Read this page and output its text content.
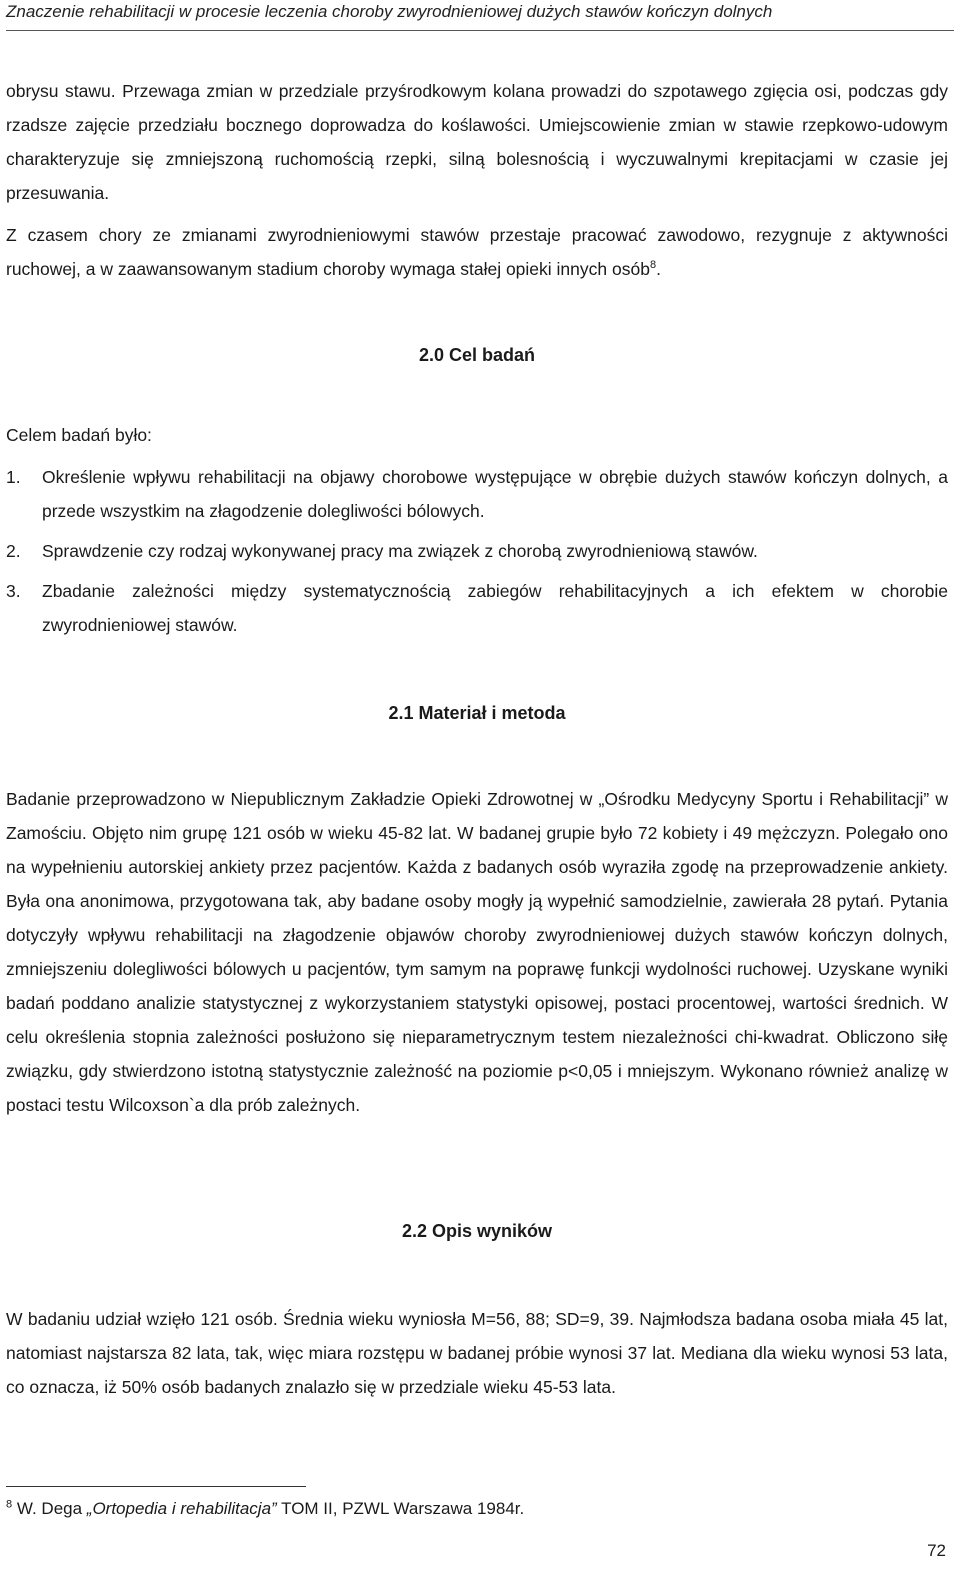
Znaczenie rehabilitacji w procesie leczenia choroby zwyrodnieniowej dużych stawów kończyn dolnych

obrysu stawu. Przewaga zmian w przedziale przyśrodkowym kolana prowadzi do szpotawego zgięcia osi, podczas gdy rzadsze zajęcie przedziału bocznego doprowadza do koślawości. Umiejscowienie zmian w stawie rzepkowo-udowym charakteryzuje się zmniejszoną ruchomością rzepki, silną bolesnością i wyczuwalnymi krepitacjami w czasie jej przesuwania.

Z czasem chory ze zmianami zwyrodnieniowymi stawów przestaje pracować zawodowo, rezygnuje z aktywności ruchowej, a w zaawansowanym stadium choroby wymaga stałej opieki innych osób$^8$.

2.0 Cel badań

Celem badań było:

1. Określenie wpływu rehabilitacji na objawy chorobowe występujące w obrębie dużych stawów kończyn dolnych, a przede wszystkim na złagodzenie dolegliwości bólowych.
2. Sprawdzenie czy rodzaj wykonywanej pracy ma związek z chorobą zwyrodnieniową stawów.
3. Zbadanie zależności między systematycznością zabiegów rehabilitacyjnych a ich efektem w chorobie zwyrodnieniowej stawów.
2.1 Materiał i metoda

Badanie przeprowadzono w Niepublicznym Zakładzie Opieki Zdrowotnej w „Ośrodku Medycyny Sportu i Rehabilitacji” w Zamościu. Objęto nim grupę 121 osób w wieku 45-82 lat. W badanej grupie było 72 kobiety i 49 mężczyzn. Polegało ono na wypełnieniu autorskiej ankiety przez pacjentów. Każda z badanych osób wyraziła zgodę na przeprowadzenie ankiety. Była ona anonimowa, przygotowana tak, aby badane osoby mogły ją wypełnić samodzielnie, zawierała 28 pytań. Pytania dotyczyły wpływu rehabilitacji na złagodzenie objawów choroby zwyrodnieniowej dużych stawów kończyn dolnych, zmniejszeniu dolegliwości bólowych u pacjentów, tym samym na poprawę funkcji wydolności ruchowej. Uzyskane wyniki badań poddano analizie statystycznej z wykorzystaniem statystyki opisowej, postaci procentowej, wartości średnich. W celu określenia stopnia zależności posłużono się nieparametrycznym testem niezależności chi-kwadrat. Obliczono siłę związku, gdy stwierdzono istotną statystycznie zależność na poziomie p<0,05 i mniejszym. Wykonano również analizę w postaci testu Wilcoxson`a dla prób zależnych.

2.2 Opis wyników

W badaniu udział wzięło 121 osób. Średnia wieku wyniosła M=56, 88; SD=9, 39. Najmłodsza badana osoba miała 45 lat, natomiast najstarsza 82 lata, tak, więc miara rozstępu w badanej próbie wynosi 37 lat. Mediana dla wieku wynosi 53 lata, co oznacza, iż 50% osób badanych znalazło się w przedziale wieku 45-53 lata.

$^8$ W. Dega „Ortopedia i rehabilitacja” TOM II, PZWL Warszawa 1984r.
72
